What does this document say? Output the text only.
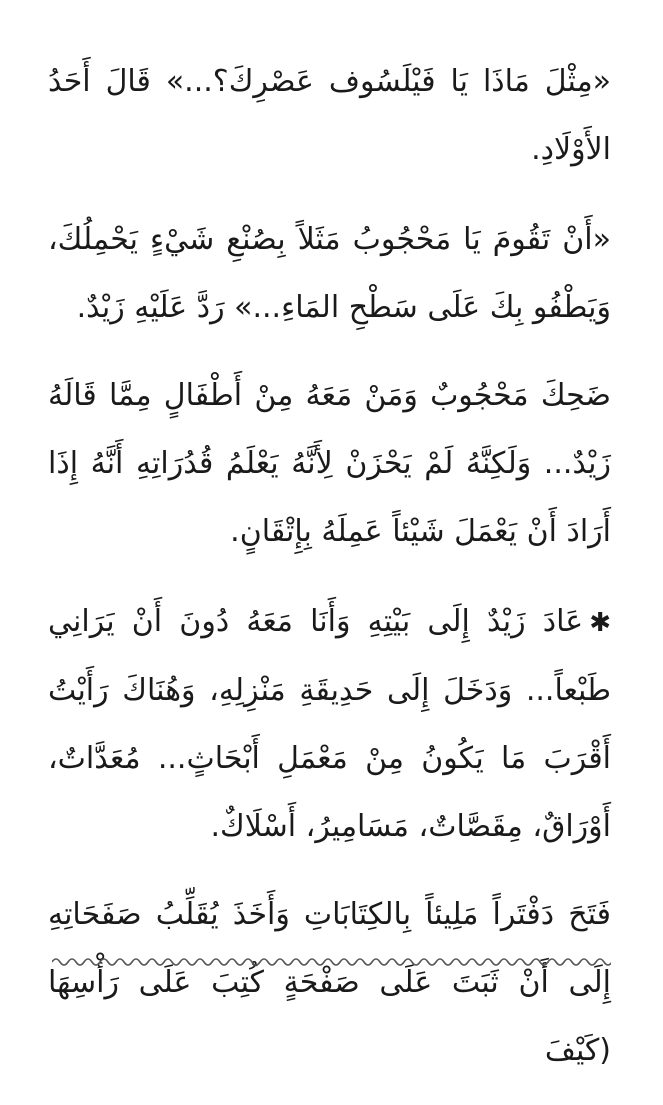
«مِثْلَ مَاذَا يَا فَيْلَسُوف عَصْرِكَ؟...» قَالَ أَحَدُ الأَوْلَادِ.

«أَنْ تَقُومَ يَا مَحْجُوبُ مَثَلاً بِصُنْعِ شَيْءٍ يَحْمِلُكَ، وَيَطْفُو بِكَ عَلَى سَطْحِ المَاءِ...» رَدَّ عَلَيْهِ زَيْدٌ.

ضَحِكَ مَحْجُوبٌ وَمَنْ مَعَهُ مِنْ أَطْفَالٍ مِمَّا قَالَهُ زَيْدٌ... وَلَكِنَّهُ لَمْ يَحْزَنْ لِأَنَّهُ يَعْلَمُ قُدُرَاتِهِ أَنَّهُ إِذَا أَرَادَ أَنْ يَعْمَلَ شَيْئاً عَمِلَهُ بِإِتْقَانٍ.

✱عَادَ زَيْدٌ إِلَى بَيْتِهِ وَأَنَا مَعَهُ دُونَ أَنْ يَرَانِي طَبْعاً... وَدَخَلَ إِلَى حَدِيقَةِ مَنْزِلِهِ، وَهُنَاكَ رَأَيْتُ أَقْرَبَ مَا يَكُونُ مِنْ مَعْمَلِ أَبْحَاثٍ... مُعَدَّاتٌ، أَوْرَاقٌ، مِقَصَّاتٌ، مَسَامِيرُ، أَسْلَاكٌ.

فَتَحَ دَفْتَراً مَلِيئاً بِالكِتَابَاتِ وَأَخَذَ يُقَلِّبُ صَفَحَاتِهِ إِلَى أَنْ ثَبَتَ عَلَى صَفْحَةٍ كُتِبَ عَلَى رَأْسِهَا (كَيْفَ
